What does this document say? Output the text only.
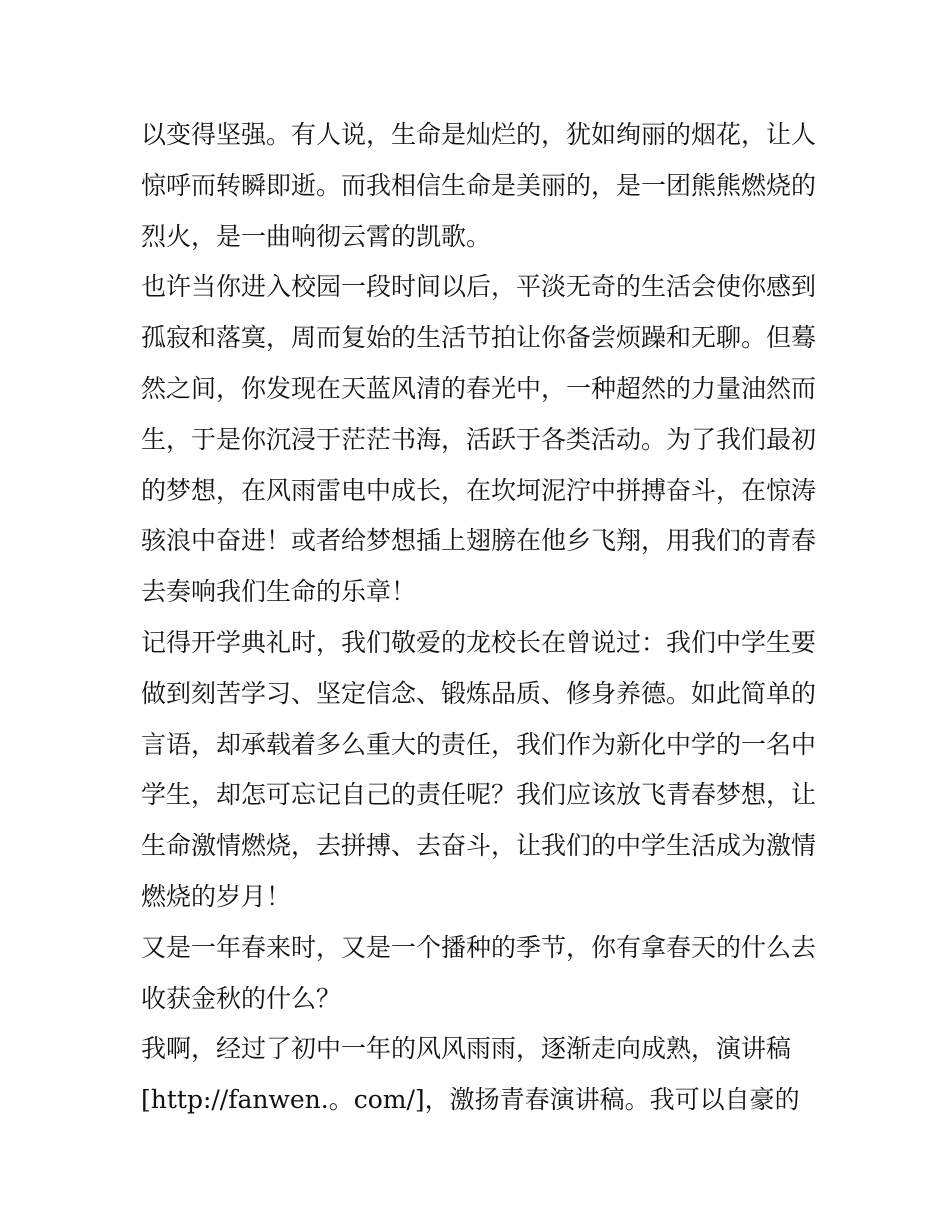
以变得坚强。有人说，生命是灿烂的，犹如绚丽的烟花，让人
惊呼而转瞬即逝。而我相信生命是美丽的，是一团熊熊燃烧的
烈火，是一曲响彻云霄的凯歌。
也许当你进入校园一段时间以后，平淡无奇的生活会使你感到
孤寂和落寞，周而复始的生活节拍让你备尝烦躁和无聊。但蓦
然之间，你发现在天蓝风清的春光中，一种超然的力量油然而
生，于是你沉浸于茫茫书海，活跃于各类活动。为了我们最初
的梦想，在风雨雷电中成长，在坎坷泥泞中拼搏奋斗，在惊涛
骇浪中奋进！或者给梦想插上翅膀在他乡飞翔，用我们的青春
去奏响我们生命的乐章！
记得开学典礼时，我们敬爱的龙校长在曾说过：我们中学生要
做到刻苦学习、坚定信念、锻炼品质、修身养德。如此简单的
言语，却承载着多么重大的责任，我们作为新化中学的一名中
学生，却怎可忘记自己的责任呢？我们应该放飞青春梦想，让
生命激情燃烧，去拼搏、去奋斗，让我们的中学生活成为激情
燃烧的岁月！
又是一年春来时，又是一个播种的季节，你有拿春天的什么去
收获金秋的什么？
我啊，经过了初中一年的风风雨雨，逐渐走向成熟，演讲稿
[http://fanwen.。com/]，激扬青春演讲稿。我可以自豪的
